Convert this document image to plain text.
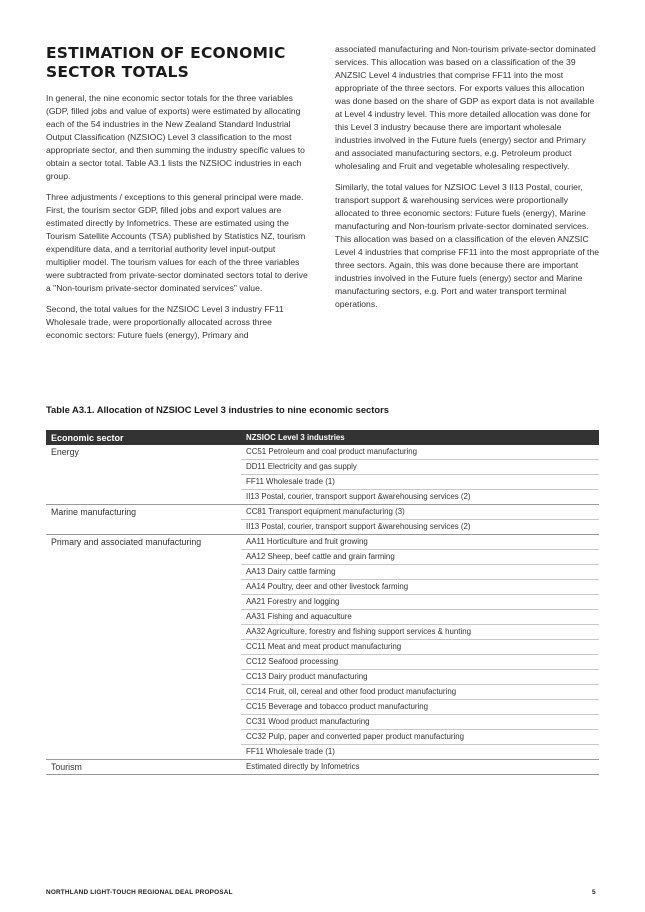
ESTIMATION OF ECONOMIC
SECTOR TOTALS

In general, the nine economic sector totals for the three variables (GDP, filled jobs and value of exports) were estimated by allocating each of the 54 industries in the New Zealand Standard Industrial Output Classification (NZSIOC) Level 3 classification to the most appropriate sector, and then summing the industry specific values to obtain a sector total. Table A3.1 lists the NZSIOC industries in each group.

Three adjustments / exceptions to this general principal were made. First, the tourism sector GDP, filled jobs and export values are estimated directly by Infometrics. These are estimated using the Tourism Satellite Accounts (TSA) published by Statistics NZ, tourism expenditure data, and a territorial authority level input-output multiplier model. The tourism values for each of the three variables were subtracted from private-sector dominated sectors total to derive a "Non-tourism private-sector dominated services" value.

Second, the total values for the NZSIOC Level 3 industry FF11 Wholesale trade, were proportionally allocated across three economic sectors: Future fuels (energy), Primary and

associated manufacturing and Non-tourism private-sector dominated services. This allocation was based on a classification of the 39 ANZSIC Level 4 industries that comprise FF11 into the most appropriate of the three sectors. For exports values this allocation was done based on the share of GDP as export data is not available at Level 4 industry level. This more detailed allocation was done for this Level 3 industry because there are important wholesale industries involved in the Future fuels (energy) sector and Primary and associated manufacturing sectors, e.g. Petroleum product wholesaling and Fruit and vegetable wholesaling respectively.

Similarly, the total values for NZSIOC Level 3 II13 Postal, courier, transport support & warehousing services were proportionally allocated to three economic sectors: Future fuels (energy), Marine manufacturing and Non-tourism private-sector dominated services. This allocation was based on a classification of the eleven ANZSIC Level 4 industries that comprise FF11 into the most appropriate of the three sectors. Again, this was done because there are important industries involved in the Future fuels (energy) sector and Marine manufacturing sectors, e.g. Port and water transport terminal operations.

Table A3.1. Allocation of NZSIOC Level 3 industries to nine economic sectors

Economic sector	NZSIOC Level 3 industries
Energy	CC51 Petroleum and coal product manufacturing
	DD11 Electricity and gas supply
	FF11 Wholesale trade (1)
	II13 Postal, courier, transport support &warehousing services (2)
Marine manufacturing	CC81 Transport equipment manufacturing (3)
	II13 Postal, courier, transport support &warehousing services (2)
Primary and associated manufacturing	AA11 Horticulture and fruit growing
	AA12 Sheep, beef cattle and grain farming
	AA13 Dairy cattle farming
	AA14 Poultry, deer and other livestock farming
	AA21 Forestry and logging
	AA31 Fishing and aquaculture
	AA32 Agriculture, forestry and fishing support services & hunting
	CC11 Meat and meat product manufacturing
	CC12 Seafood processing
	CC13 Dairy product manufacturing
	CC14 Fruit, oil, cereal and other food product manufacturing
	CC15 Beverage and tobacco product manufacturing
	CC31 Wood product manufacturing
	CC32 Pulp, paper and converted paper product manufacturing
	FF11 Wholesale trade (1)
Tourism	Estimated directly by Infometrics

NORTHLAND LIGHT-TOUCH REGIONAL DEAL PROPOSAL	5
